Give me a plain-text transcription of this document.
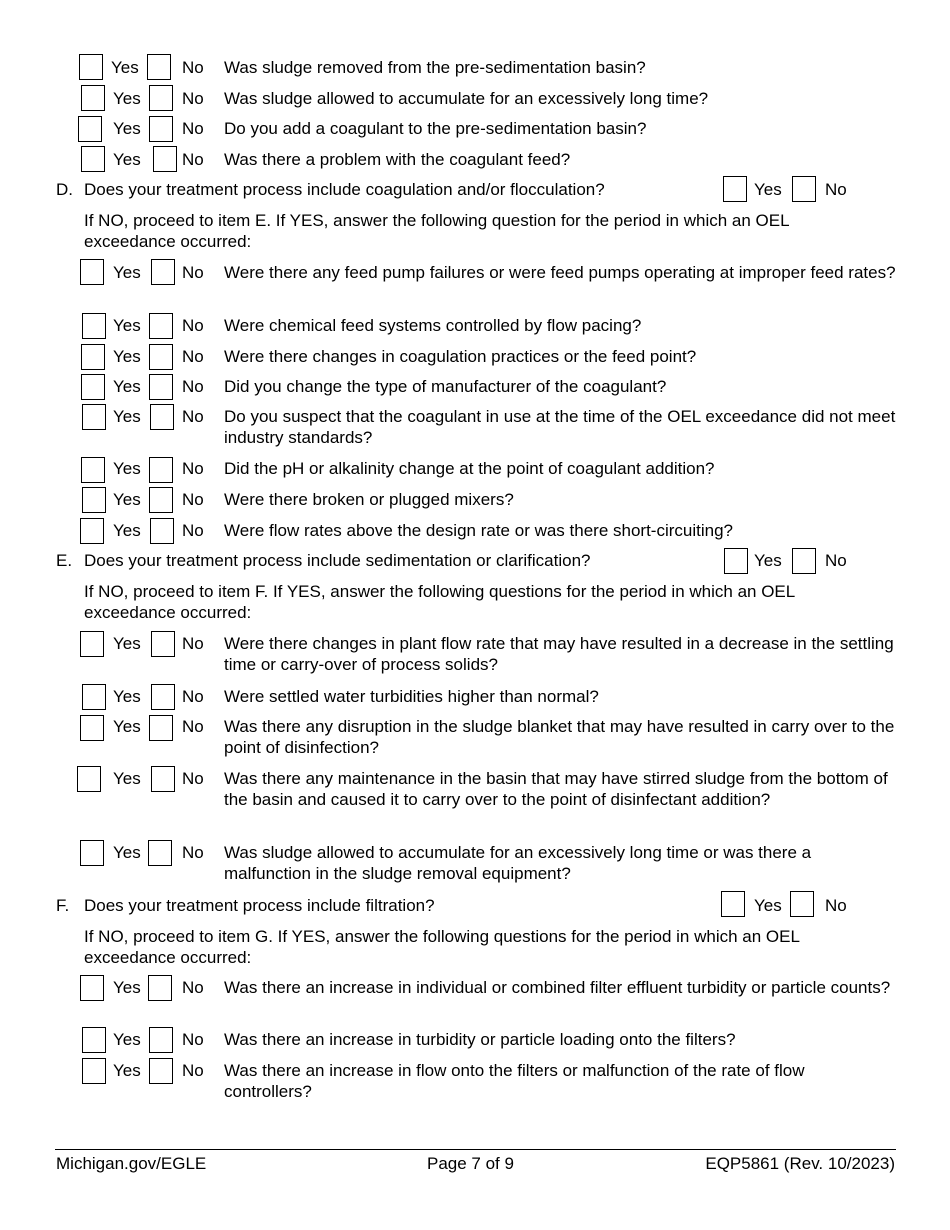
Yes	No Was sludge removed from the pre-sedimentation basin?
Yes No Was sludge allowed to accumulate for an excessively long time?
Yes No Do you add a coagulant to the pre-sedimentation basin?
Yes No Was there a problem with the coagulant feed?
D. Does your treatment process include coagulation and/or flocculation?	Yes	No
If NO, proceed to item E. If YES, answer the following question for the period in which an OEL exceedance occurred:
Yes No Were there any feed pump failures or were feed pumps operating at improper feed rates?
Yes No Were chemical feed systems controlled by flow pacing?
Yes No Were there changes in coagulation practices or the feed point?
Yes No Did you change the type of manufacturer of the coagulant?
Yes No Do you suspect that the coagulant in use at the time of the OEL exceedance did not meet industry standards?
Yes No Did the pH or alkalinity change at the point of coagulant addition?
Yes No Were there broken or plugged mixers?
Yes No Were flow rates above the design rate or was there short-circuiting?
E. Does your treatment process include sedimentation or clarification?	Yes	No
If NO, proceed to item F. If YES, answer the following questions for the period in which an OEL exceedance occurred:
Yes No Were there changes in plant flow rate that may have resulted in a decrease in the settling time or carry-over of process solids?
Yes No Were settled water turbidities higher than normal?
Yes No Was there any disruption in the sludge blanket that may have resulted in carry over to the point of disinfection?
Yes No Was there any maintenance in the basin that may have stirred sludge from the bottom of the basin and caused it to carry over to the point of disinfectant addition?
Yes No Was sludge allowed to accumulate for an excessively long time or was there a malfunction in the sludge removal equipment?
F. Does your treatment process include filtration?	Yes	No
If NO, proceed to item G. If YES, answer the following questions for the period in which an OEL exceedance occurred:
Yes No Was there an increase in individual or combined filter effluent turbidity or particle counts?
Yes No Was there an increase in turbidity or particle loading onto the filters?
Yes No Was there an increase in flow onto the filters or malfunction of the rate of flow controllers?
Michigan.gov/EGLE	Page 7 of 9	EQP5861 (Rev. 10/2023)
